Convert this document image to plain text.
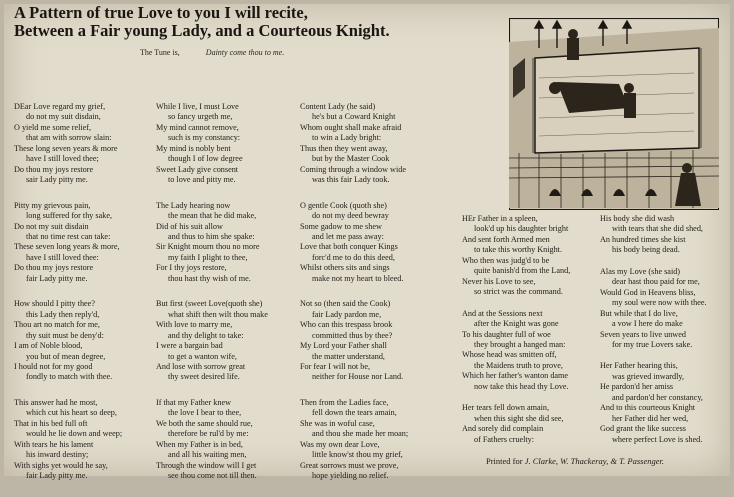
A Pattern of true Love to you I will recite,
Between a Fair young Lady, and a Courteous Knight.
The Tune is,	Dainty come thou to me.
DEar Love regard my grief,
do not my suit disdain,
O yield me some relief,
that am with sorrow slain:
These long seven years & more
have I still loved thee;
Do thou my joys restore
sair Lady pitty me.
Pitty my grievous pain,
long suffered for thy sake,
Do not my suit disdain
that no time rest can take:
These seven long years & more,
have I still loved thee:
Do thou my joys restore
fair Lady pitty me.
How should I pitty thee?
this Lady then reply'd,
Thou art no match for me,
thy suit must be deny'd:
I am of Noble blood,
you but of mean degree,
I hould not for my good
fondly to match with thee.
This answer had he most,
which cut his heart so deep,
That in his bed full oft
would he lie down and weep;
With tears he his lament
his inward destiny;
With sighs yet would he say,
fair Lady pitty me.
While I live, I must Love
so fancy urgeth me,
My mind cannot remove,
such is my constancy:
My mind is nobly bent
though I of low degree
Sweet Lady give consent
to love and pitty me.
The Lady hearing now
the mean that he did make,
Did of his suit allow
and thus to him she spake:
Sir Knight mourn thou no more
my faith I plight to thee,
For I thy joys restore,
thou hast thy wish of me.
But first (sweet Love(quoth she)
what shift then wilt thou make
With love to marry me,
and thy delight to take:
I were a bargain bad
to get a wanton wife,
And lose with sorrow great
thy sweet desired life.
If that my Father knew
the love I bear to thee,
We both the same should rue,
therefore be rul'd by me:
When my Father is in bed,
and all his waiting men,
Through the window will I get
see thou come not till then.
Content Lady (he said)
he's but a Coward Knight
Whom ought shall make afraid
to win a Lady bright:
Thus then they went away,
but by the Master Cook
Coming through a window wide
was this fair Lady took.
O gentle Cook (quoth she)
do not my deed bewray
Some gadow to me shew
and let me pass away:
Love that both conquer Kings
forc'd me to do this deed,
Whilst others sits and sings
make not my heart to bleed.
Not so (then said the Cook)
fair Lady pardon me,
Who can this trespass brook
committed thus by thee?
My Lord your Father shall
the matter understand,
For fear I will not be,
neither for House nor Land.
Then from the Ladies face,
fell down the tears amain,
She was in woful case,
and thou she made her moan;
Was my own dear Love,
little know'st thou my grief,
Great sorrows must we prove,
hope yielding no relief.
HEr Father in a spleen,
look'd up his daughter bright
And sent forth Armed men
to take this worthy Knight.
Who then was judg'd to be
quite banish'd from the Land,
Never his Love to see,
so strict was the command.
And at the Sessions next
after the Knight was gone
To his daughter full of woe
they brought a hanged man:
Whose head was smitten off,
the Maidens truth to prove,
Which her father's wanton dame
now take this head thy Love.
Her tears fell down amain,
when this sight she did see,
And sorely did complain
of Fathers cruelty:
His body she did wash
with tears that she did shed,
An hundred times she kist
his body being dead.
Alas my Love (she said)
dear hast thou paid for me,
Would God in Heavens bliss,
my soul were now with thee.
But while that I do live,
a vow I here do make
Seven years to live unwed
for my true Lovers sake.
Her Father hearing this,
was grieved inwardly,
He pardon'd her amiss
and pardon'd her constancy,
And to this courteous Knight
her Father did her wed,
God grant the like success
where perfect Love is shed.
Printed for J. Clarke, W. Thackeray, & T. Passenger.
